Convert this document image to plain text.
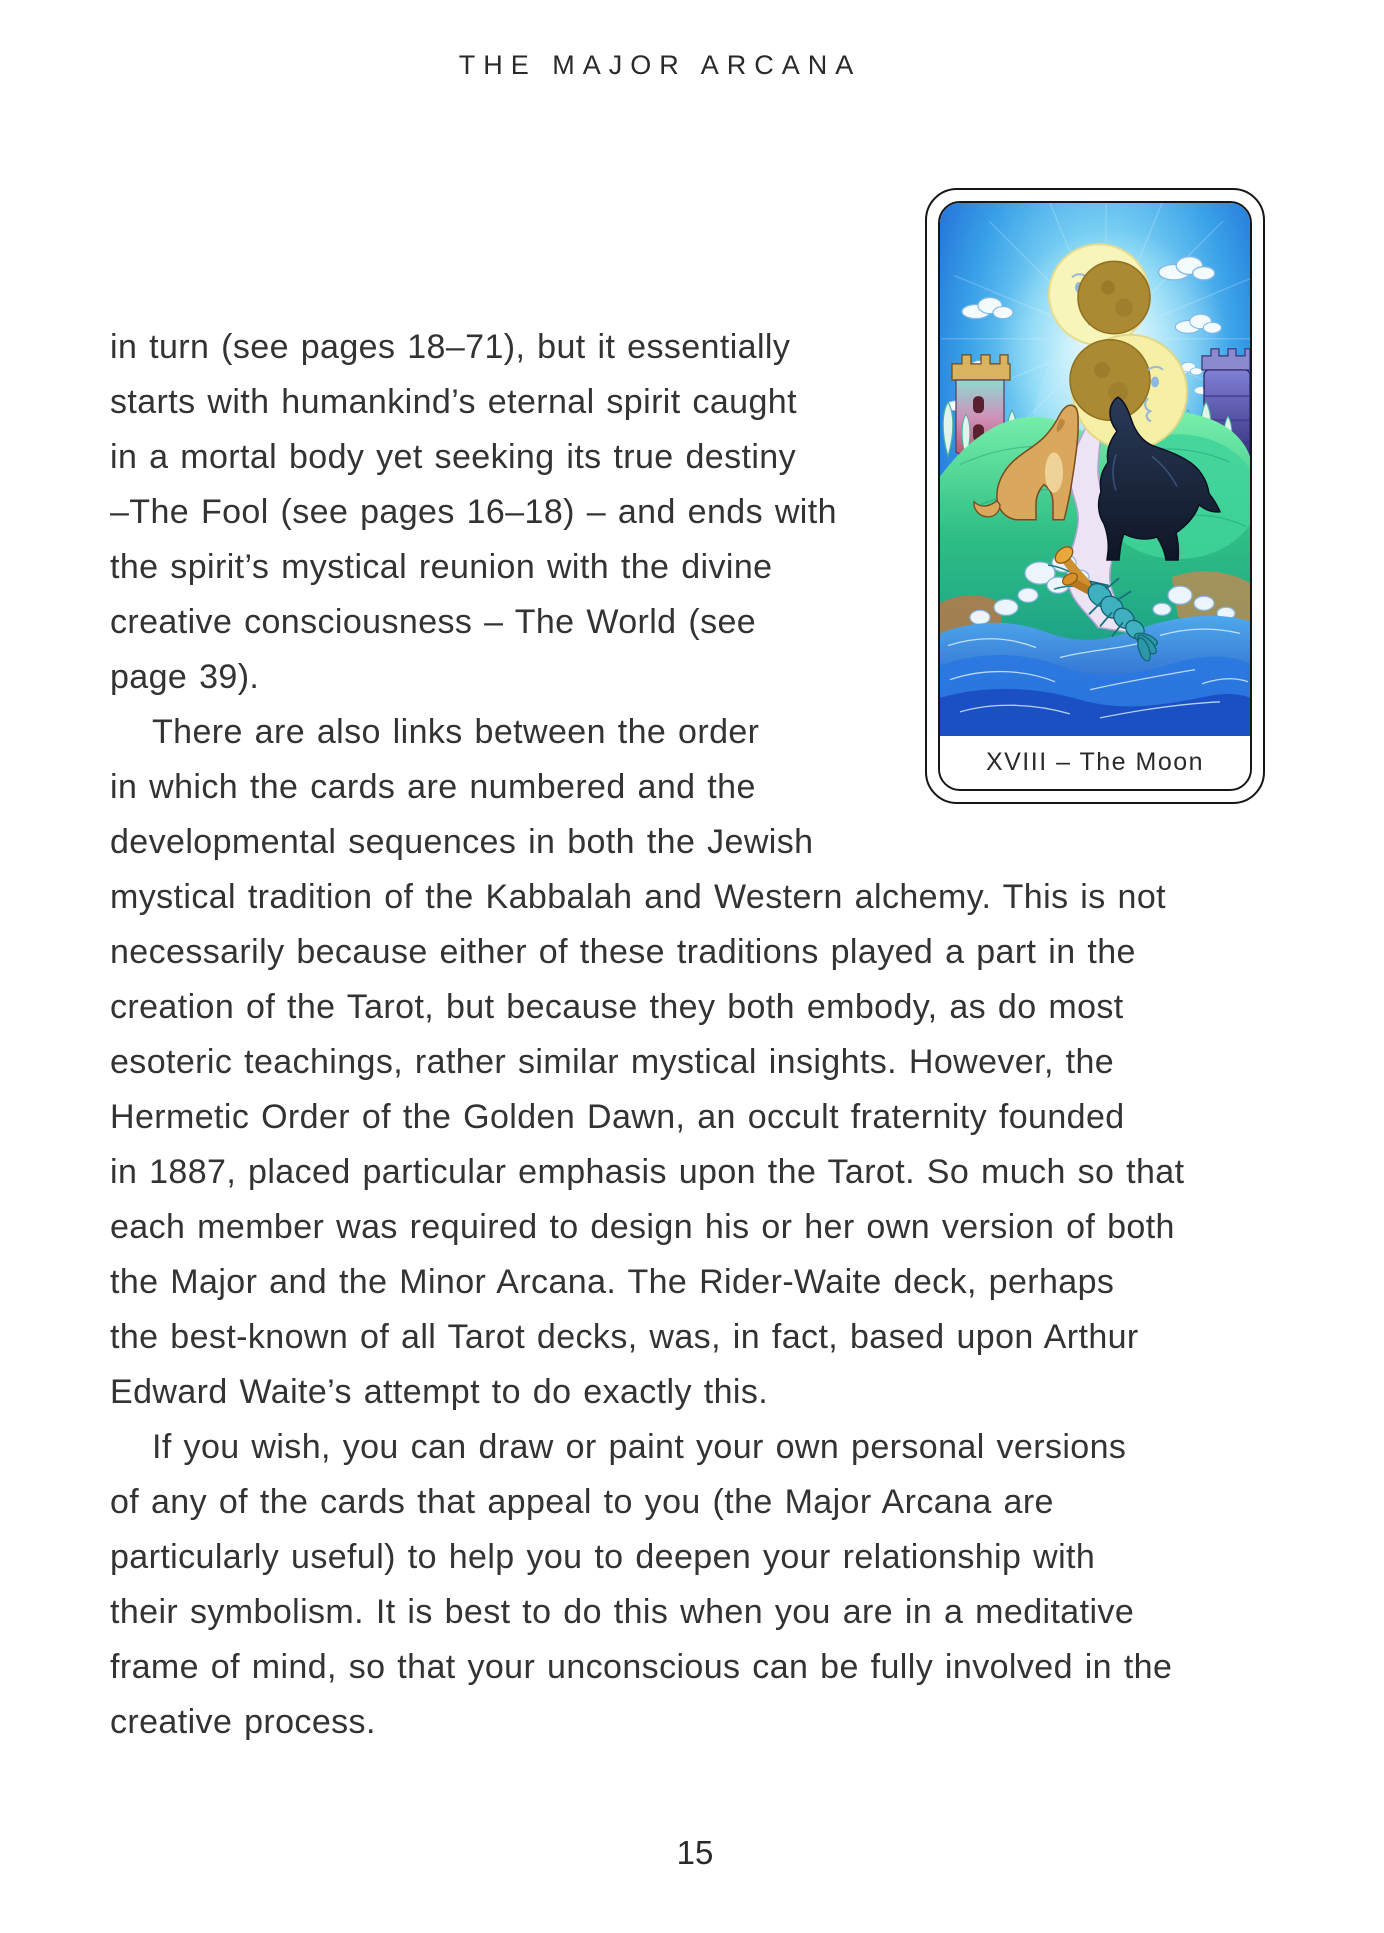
THE MAJOR ARCANA
XVIII – The Moon
in turn (see pages 18–71), but it essentially
starts with humankind’s eternal spirit caught
in a mortal body yet seeking its true destiny
–The Fool (see pages 16–18) – and ends with
the spirit’s mystical reunion with the divine
creative consciousness – The World (see
page 39).
There are also links between the order
in which the cards are numbered and the
developmental sequences in both the Jewish
mystical tradition of the Kabbalah and Western alchemy. This is not
necessarily because either of these traditions played a part in the
creation of the Tarot, but because they both embody, as do most
esoteric teachings, rather similar mystical insights. However, the
Hermetic Order of the Golden Dawn, an occult fraternity founded
in 1887, placed particular emphasis upon the Tarot. So much so that
each member was required to design his or her own version of both
the Major and the Minor Arcana. The Rider-Waite deck, perhaps
the best-known of all Tarot decks, was, in fact, based upon Arthur
Edward Waite’s attempt to do exactly this.
If you wish, you can draw or paint your own personal versions
of any of the cards that appeal to you (the Major Arcana are
particularly useful) to help you to deepen your relationship with
their symbolism. It is best to do this when you are in a meditative
frame of mind, so that your unconscious can be fully involved in the
creative process.
15
